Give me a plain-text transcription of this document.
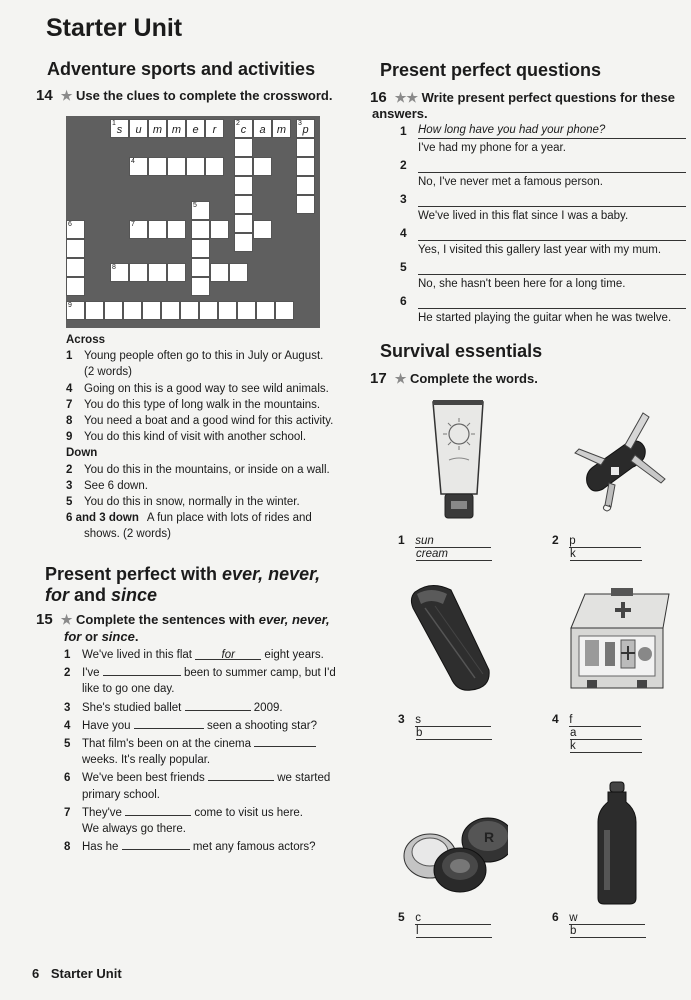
Starter Unit
Adventure sports and activities
14 ★ Use the clues to complete the crossword.
1
s	u	m m	e	r
2
c	a	m
3
p
4
5
7
6
8
9
Across
1 Young people often go to this in July or August.
(2 words)
4 Going on this is a good way to see wild animals.
7 You do this type of long walk in the mountains.
8 You need a boat and a good wind for this activity.
9 You do this kind of visit with another school.
Down
2 You do this in the mountains, or inside on a wall.
3 See 6 down.
5 You do this in snow, normally in the winter.
6 and 3 down A fun place with lots of rides and
shows. (2 words)
Present perfect with ever, never,
for and since
15 ★ Complete the sentences with ever, never,
for or since.
1 We've lived in this flat	for	eight years.
2 I've	been to summer camp, but I'd
like to go one day.
3 She's studied ballet	2009.
4 Have you	seen a shooting star?
5 That film's been on at the cinema
weeks. It's really popular.
6 We've been best friends	we started
primary school.
7 They've	come to visit us here.
We always go there.
8 Has he	met any famous actors?
Present perfect questions
16 ★★ Write present perfect questions for these
answers.
1 How long have you had your phone?
I've had my phone for a year.
2
No, I've never met a famous person.
3
We've lived in this flat since I was a baby.
4
Yes, I visited this gallery last year with my mum.
5
No, she hasn't been here for a long time.
6
He started playing the guitar when he was twelve.
Survival essentials
17 ★ Complete the words.
R
1 sun
cream
2 p
k
3 s
b
4 f
a
k
5 c
l
6 w
b
6 Starter Unit
